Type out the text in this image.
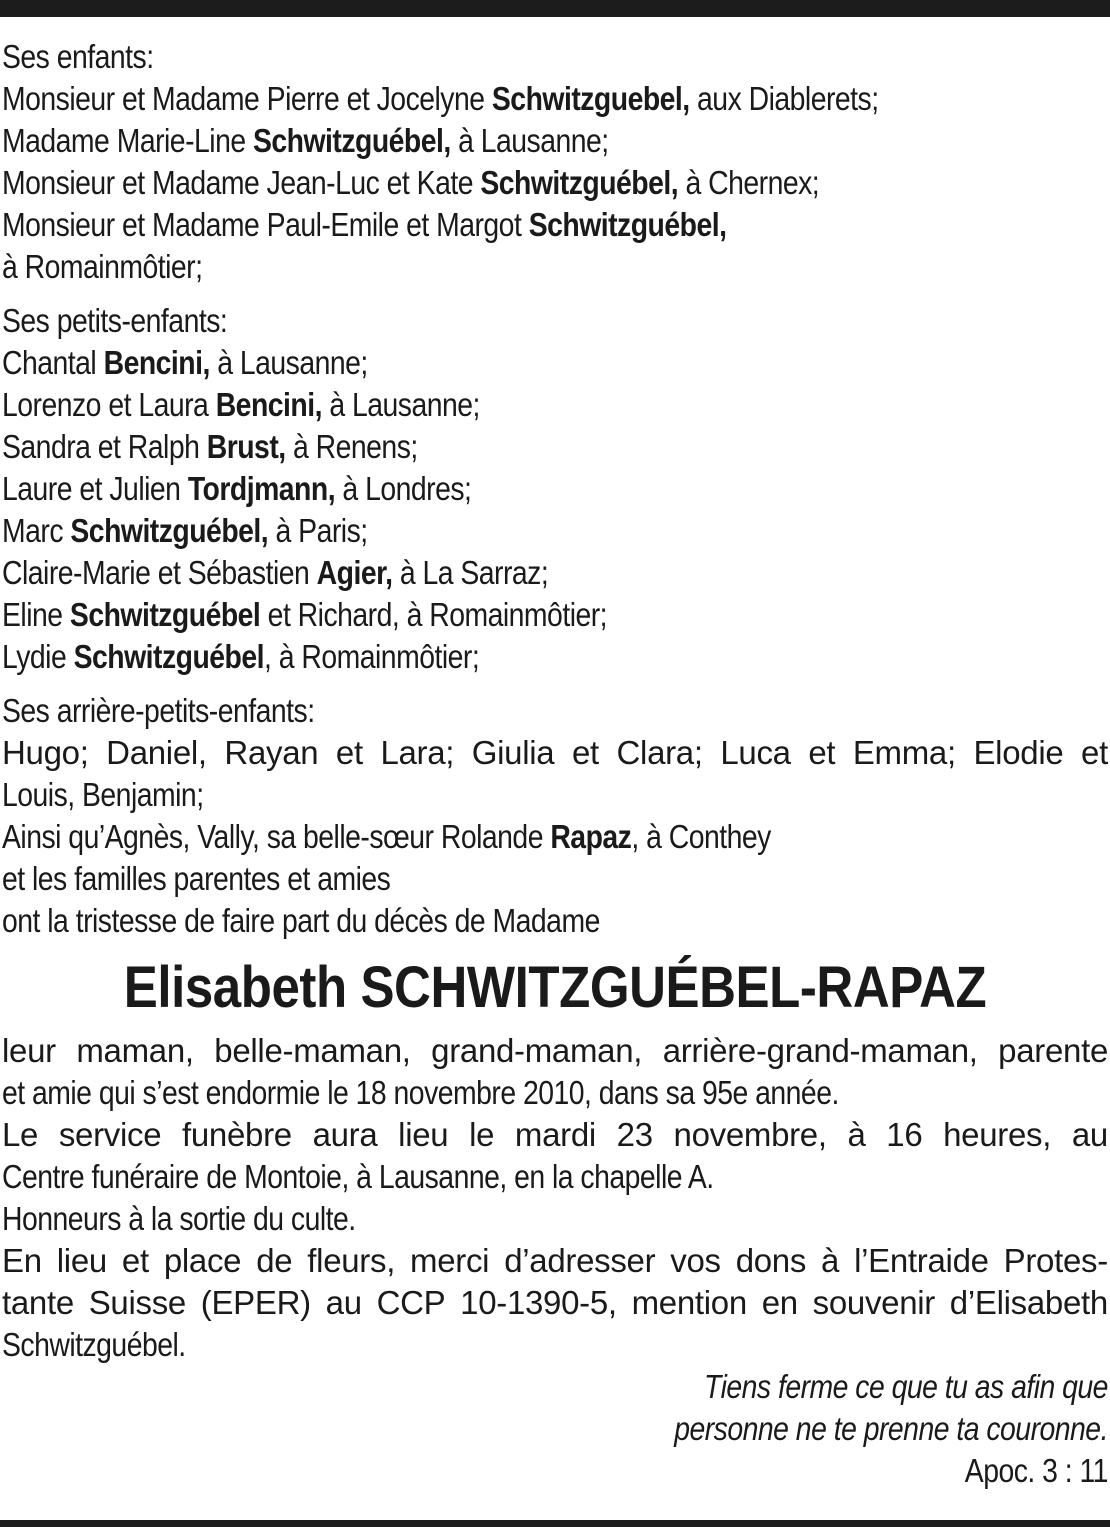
Ses enfants:
Monsieur et Madame Pierre et Jocelyne Schwitzguebel, aux Diablerets;
Madame Marie-Line Schwitzguébel, à Lausanne;
Monsieur et Madame Jean-Luc et Kate Schwitzguébel, à Chernex;
Monsieur et Madame Paul-Emile et Margot Schwitzguébel,
à Romainmôtier;
Ses petits-enfants:
Chantal Bencini, à Lausanne;
Lorenzo et Laura Bencini, à Lausanne;
Sandra et Ralph Brust, à Renens;
Laure et Julien Tordjmann, à Londres;
Marc Schwitzguébel, à Paris;
Claire-Marie et Sébastien Agier, à La Sarraz;
Eline Schwitzguébel et Richard, à Romainmôtier;
Lydie Schwitzguébel, à Romainmôtier;
Ses arrière-petits-enfants:
Hugo; Daniel, Rayan et Lara; Giulia et Clara; Luca et Emma; Elodie et
Louis, Benjamin;
Ainsi qu’Agnès, Vally, sa belle-sœur Rolande Rapaz, à Conthey
et les familles parentes et amies
ont la tristesse de faire part du décès de Madame
Elisabeth SCHWITZGUÉBEL-RAPAZ
leur maman, belle-maman, grand-maman, arrière-grand-maman, parente
et amie qui s’est endormie le 18 novembre 2010, dans sa 95e année.
Le service funèbre aura lieu le mardi 23 novembre, à 16 heures, au
Centre funéraire de Montoie, à Lausanne, en la chapelle A.
Honneurs à la sortie du culte.
En lieu et place de fleurs, merci d’adresser vos dons à l’Entraide Protes-
tante Suisse (EPER) au CCP 10-1390-5, mention en souvenir d’Elisabeth
Schwitzguébel.
Tiens ferme ce que tu as afin que
personne ne te prenne ta couronne.
Apoc. 3 : 11
